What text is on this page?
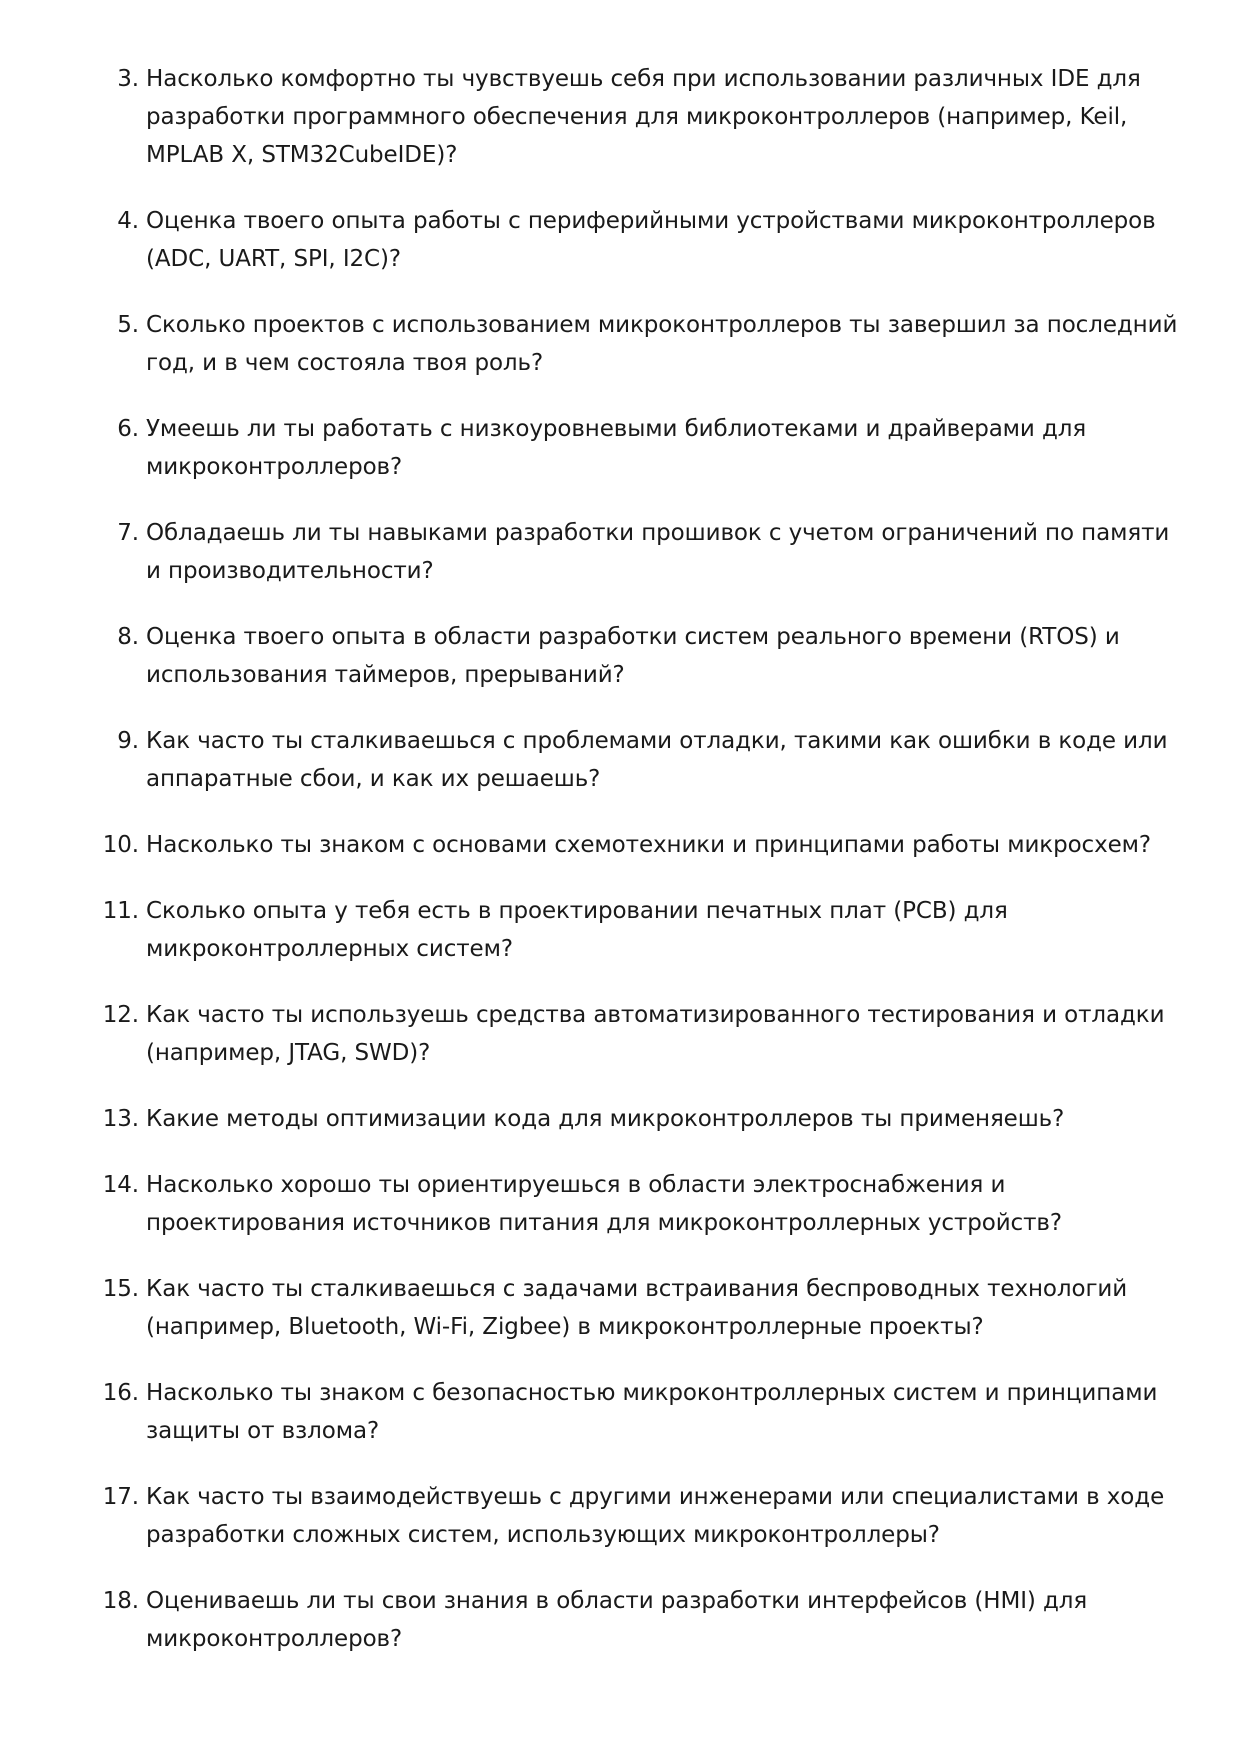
3. Насколько комфортно ты чувствуешь себя при использовании различных IDE для разработки программного обеспечения для микроконтроллеров (например, Keil, MPLAB X, STM32CubeIDE)?
4. Оценка твоего опыта работы с периферийными устройствами микроконтроллеров (ADC, UART, SPI, I2C)?
5. Сколько проектов с использованием микроконтроллеров ты завершил за последний год, и в чем состояла твоя роль?
6. Умеешь ли ты работать с низкоуровневыми библиотеками и драйверами для микроконтроллеров?
7. Обладаешь ли ты навыками разработки прошивок с учетом ограничений по памяти и производительности?
8. Оценка твоего опыта в области разработки систем реального времени (RTOS) и использования таймеров, прерываний?
9. Как часто ты сталкиваешься с проблемами отладки, такими как ошибки в коде или аппаратные сбои, и как их решаешь?
10. Насколько ты знаком с основами схемотехники и принципами работы микросхем?
11. Сколько опыта у тебя есть в проектировании печатных плат (PCB) для микроконтроллерных систем?
12. Как часто ты используешь средства автоматизированного тестирования и отладки (например, JTAG, SWD)?
13. Какие методы оптимизации кода для микроконтроллеров ты применяешь?
14. Насколько хорошо ты ориентируешься в области электроснабжения и проектирования источников питания для микроконтроллерных устройств?
15. Как часто ты сталкиваешься с задачами встраивания беспроводных технологий (например, Bluetooth, Wi-Fi, Zigbee) в микроконтроллерные проекты?
16. Насколько ты знаком с безопасностью микроконтроллерных систем и принципами защиты от взлома?
17. Как часто ты взаимодействуешь с другими инженерами или специалистами в ходе разработки сложных систем, использующих микроконтроллеры?
18. Оцениваешь ли ты свои знания в области разработки интерфейсов (HMI) для микроконтроллеров?
